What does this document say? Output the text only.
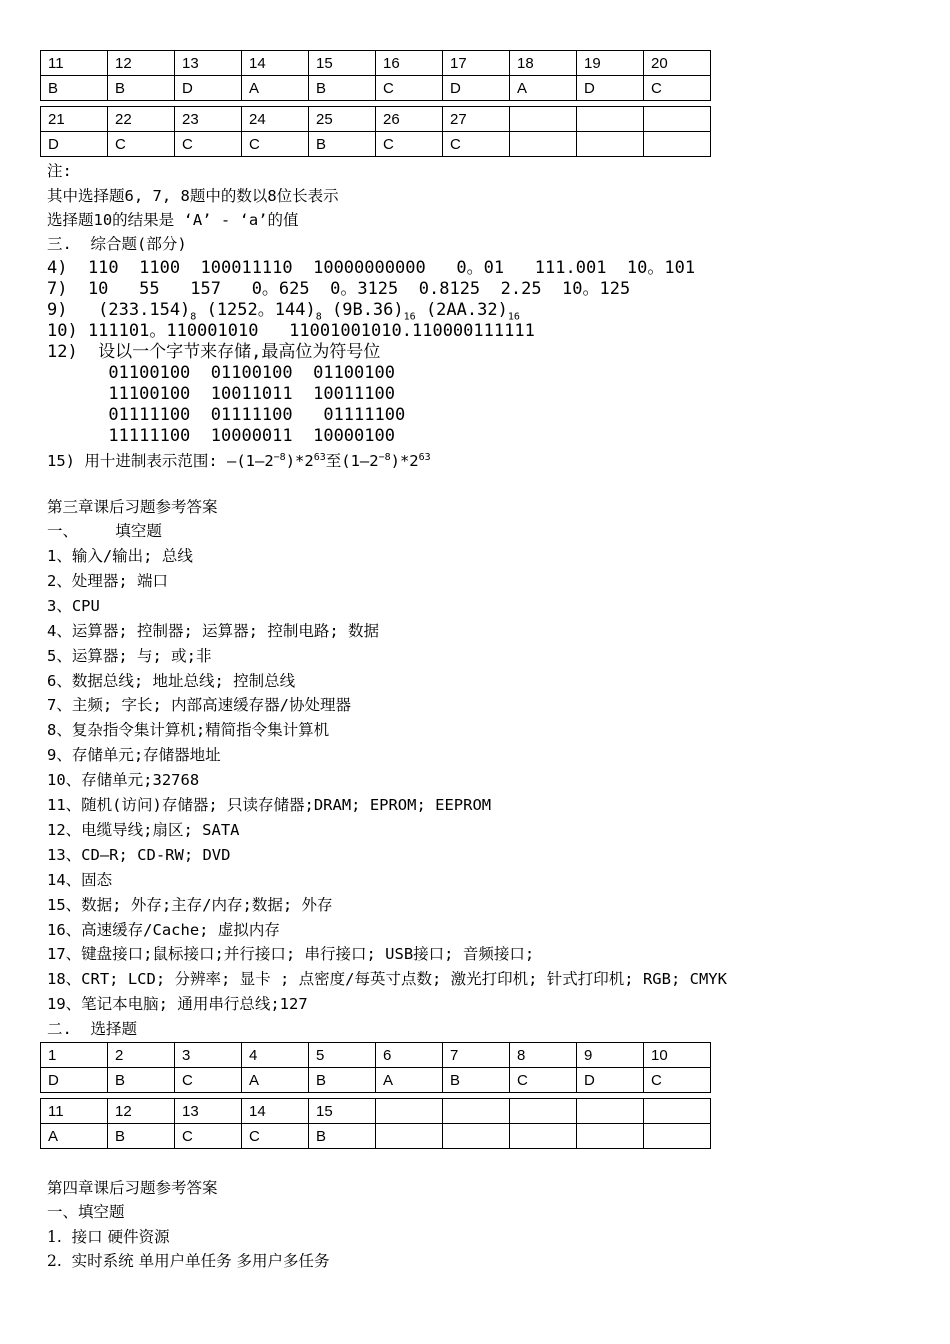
11	12	13	14	15	16	17	18	19	20
B	B	D	A	B	C	D	A	D	C

21	22	23	24	25	26	27			
D	C	C	C	B	C	C			
注:
其中选择题6, 7, 8题中的数以8位长表示
选择题10的结果是 ‘A’ - ‘a’的值
三.  综合题(部分)
4)  110  1100  100011110  10000000000   0。01   111.001  10。101
7)  10   55   157   0。625  0。3125  0.8125  2.25  10。125
9)   $(233.154)_8$ (1252。$144)_8$ $(9B.36)_{16}$ $(2AA.32)_{16}$
10) 111101。110001010   11001001010.110000111111
12)  设以一个字节来存储,最高位为符号位
01100100  01100100  01100100
11100100  10011011  10011100
01111100  01111100   01111100
11111100  10000011  10000100
15) 用十进制表示范围: $—(1—2^{-8})*2^{63}$至$(1—2^{-8})*2^{63}$
第三章课后习题参考答案
一、    填空题
1、输入/输出; 总线
2、处理器; 端口
3、CPU
4、运算器; 控制器; 运算器; 控制电路; 数据
5、运算器; 与; 或;非
6、数据总线; 地址总线; 控制总线
7、主频; 字长; 内部高速缓存器/协处理器
8、复杂指令集计算机;精简指令集计算机
9、存储单元;存储器地址
10、存储单元;32768
11、随机(访问)存储器; 只读存储器;DRAM; EPROM; EEPROM
12、电缆导线;扇区; SATA
13、CD—R; CD-RW; DVD
14、固态
15、数据; 外存;主存/内存;数据; 外存
16、高速缓存/Cache; 虚拟内存
17、键盘接口;鼠标接口;并行接口; 串行接口; USB接口; 音频接口;
18、CRT; LCD; 分辨率; 显卡 ; 点密度/每英寸点数; 激光打印机; 针式打印机; RGB; CMYK
19、笔记本电脑; 通用串行总线;127
二.  选择题
1	2	3	4	5	6	7	8	9	10
D	B	C	A	B	A	B	C	D	C

11	12	13	14	15					
A	B	C	C	B					
第四章课后习题参考答案
一、填空题
1.  接口 硬件资源
2.  实时系统 单用户单任务 多用户多任务
